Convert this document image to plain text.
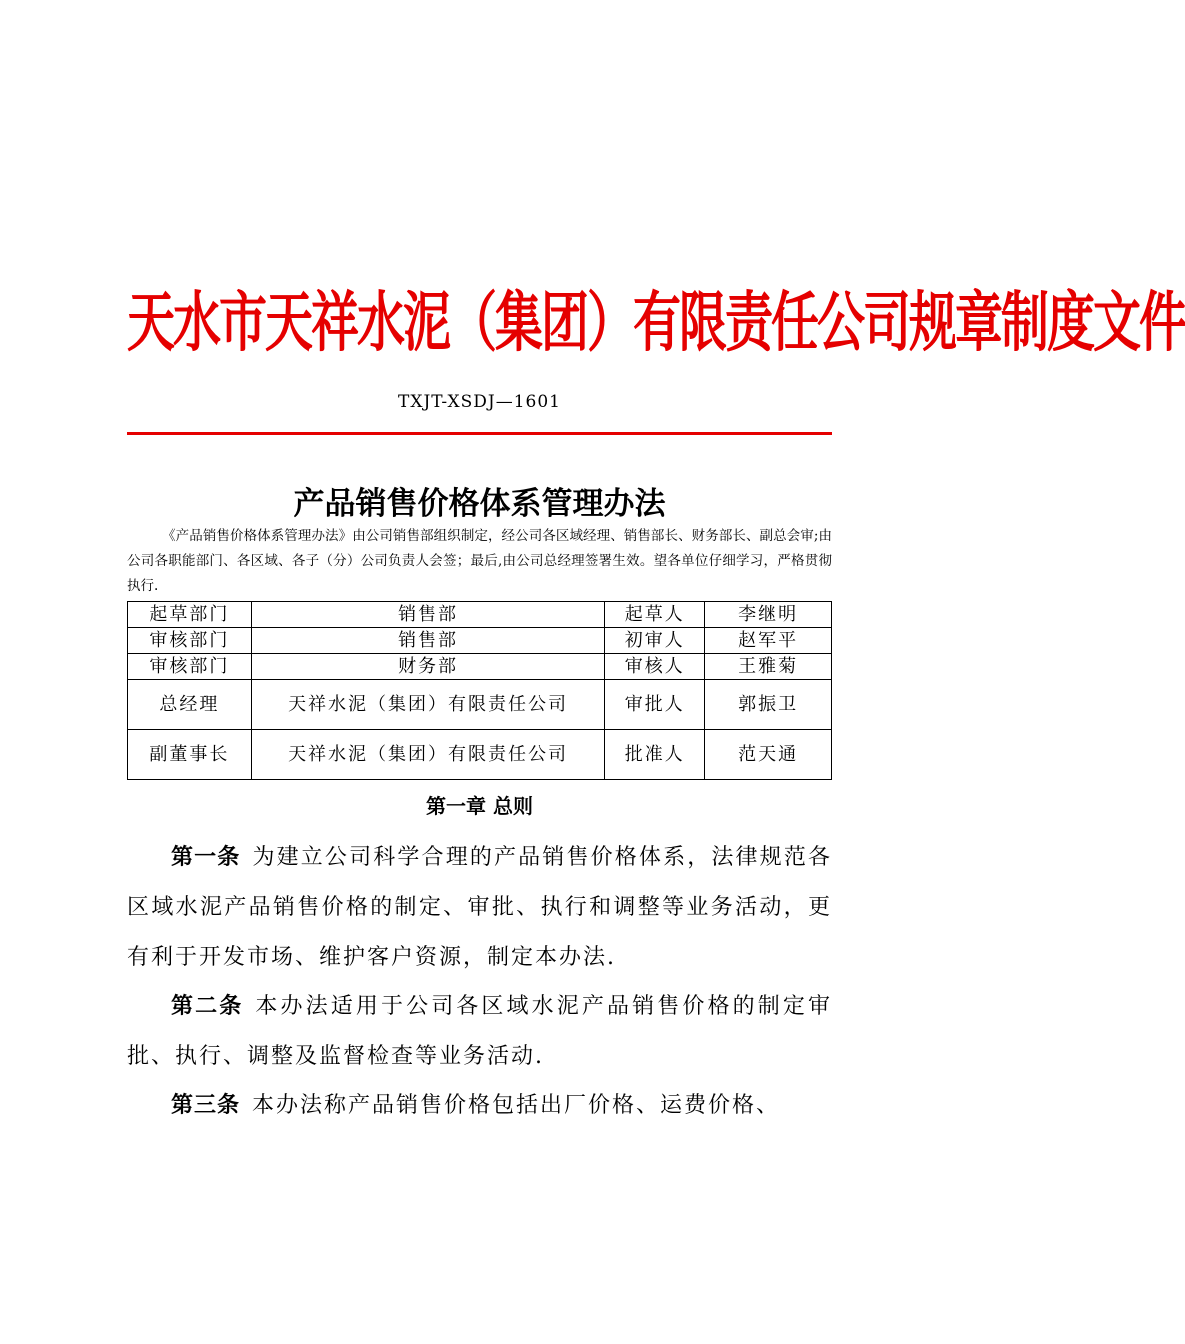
天水市天祥水泥（集团）有限责任公司规章制度文件
TXJT-XSDJ—1601
产品销售价格体系管理办法
《产品销售价格体系管理办法》由公司销售部组织制定，经公司各区域经理、销售部长、财务部长、副总会审;由公司各职能部门、各区域、各子（分）公司负责人会签；最后,由公司总经理签署生效。望各单位仔细学习，严格贯彻执行.
起草部门	销售部	起草人	李继明
审核部门	销售部	初审人	赵军平
审核部门	财务部	审核人	王雅菊
总经理	天祥水泥（集团）有限责任公司	审批人	郭振卫
副董事长	天祥水泥（集团）有限责任公司	批准人	范天通
第一章 总则
第一条 为建立公司科学合理的产品销售价格体系，法律规范各区域水泥产品销售价格的制定、审批、执行和调整等业务活动，更有利于开发市场、维护客户资源，制定本办法.
第二条 本办法适用于公司各区域水泥产品销售价格的制定审批、执行、调整及监督检查等业务活动.
第三条 本办法称产品销售价格包括出厂价格、运费价格、
